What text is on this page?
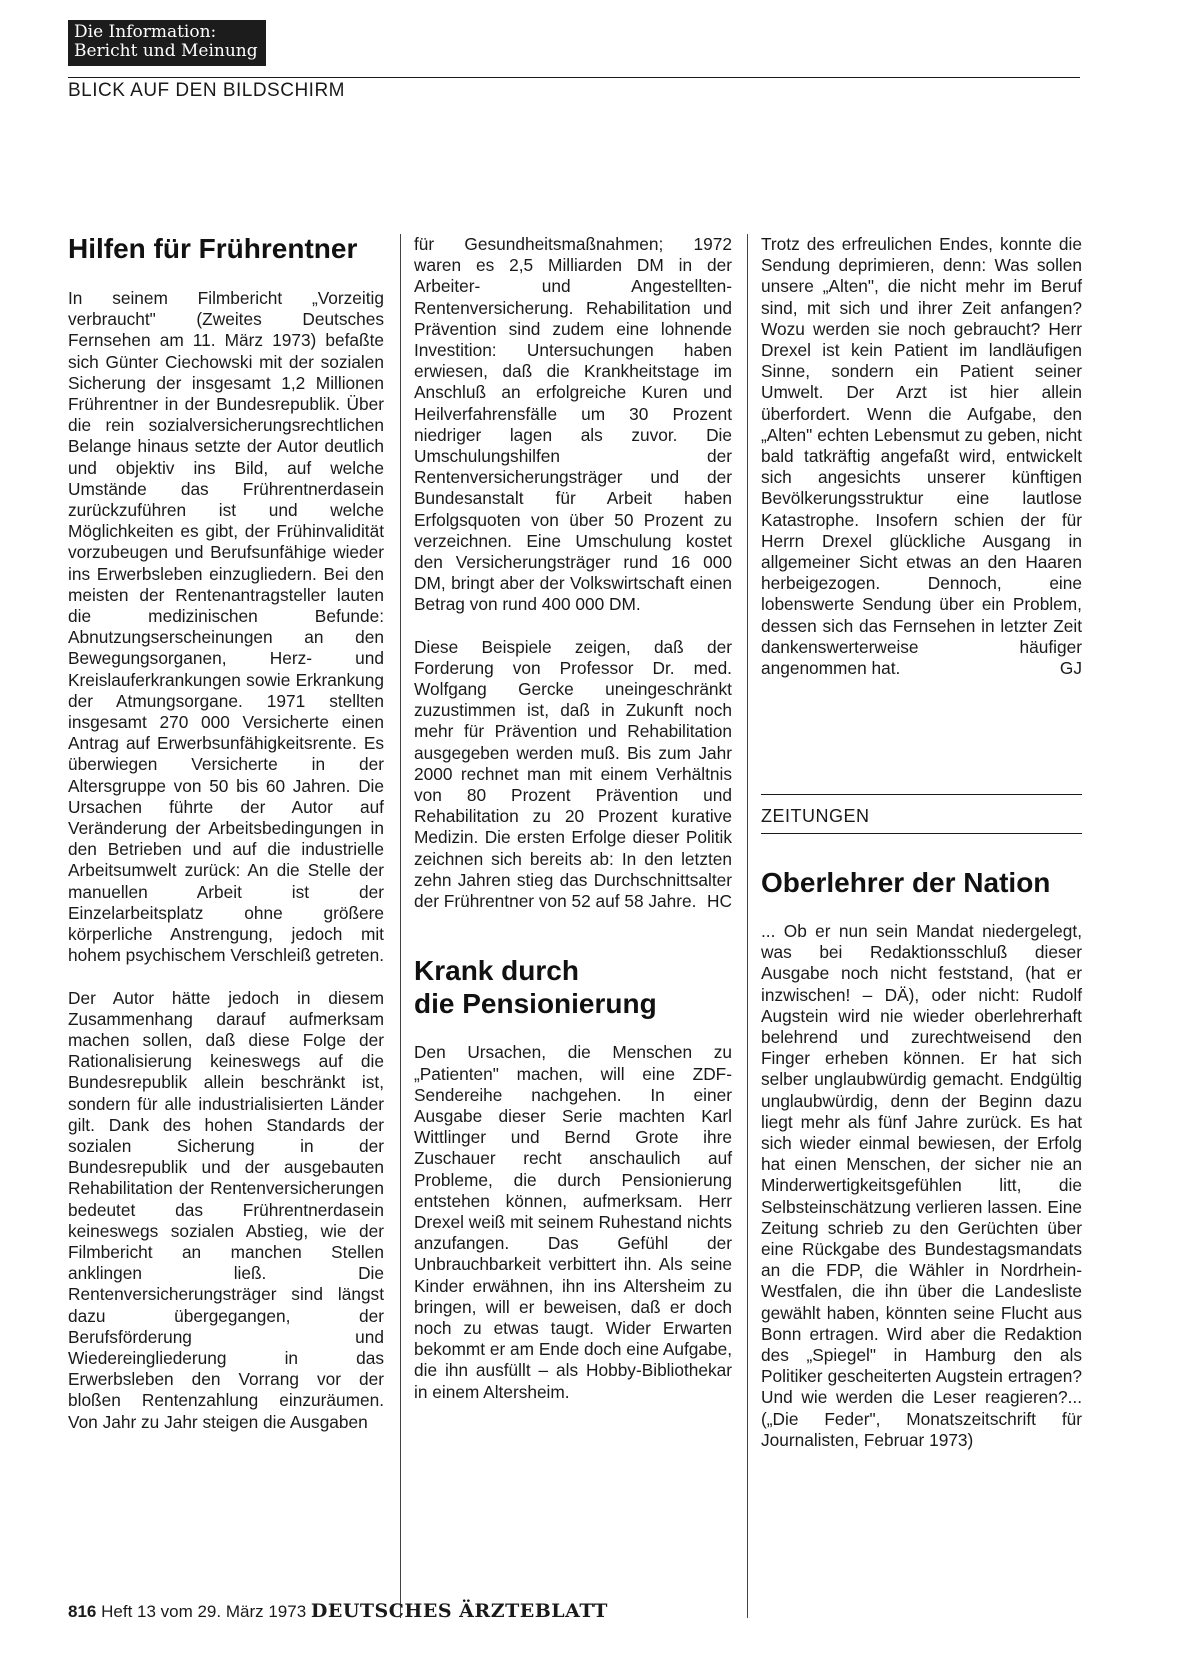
Die Information:
Bericht und Meinung
BLICK AUF DEN BILDSCHIRM
Hilfen für Frührentner

In seinem Filmbericht „Vorzeitig verbraucht" (Zweites Deutsches Fernsehen am 11. März 1973) befaßte sich Günter Ciechowski mit der sozialen Sicherung der insgesamt 1,2 Millionen Frührentner in der Bundesrepublik. Über die rein sozialversicherungsrechtlichen Belange hinaus setzte der Autor deutlich und objektiv ins Bild, auf welche Umstände das Frührentnerdasein zurückzuführen ist und welche Möglichkeiten es gibt, der Frühinvalidität vorzubeugen und Berufsunfähige wieder ins Erwerbsleben einzugliedern. Bei den meisten der Rentenantragsteller lauten die medizinischen Befunde: Abnutzungserscheinungen an den Bewegungsorganen, Herz- und Kreislauferkrankungen sowie Erkrankung der Atmungsorgane. 1971 stellten insgesamt 270 000 Versicherte einen Antrag auf Erwerbsunfähigkeitsrente. Es überwiegen Versicherte in der Altersgruppe von 50 bis 60 Jahren. Die Ursachen führte der Autor auf Veränderung der Arbeitsbedingungen in den Betrieben und auf die industrielle Arbeitsumwelt zurück: An die Stelle der manuellen Arbeit ist der Einzelarbeitsplatz ohne größere körperliche Anstrengung, jedoch mit hohem psychischem Verschleiß getreten.

Der Autor hätte jedoch in diesem Zusammenhang darauf aufmerksam machen sollen, daß diese Folge der Rationalisierung keineswegs auf die Bundesrepublik allein beschränkt ist, sondern für alle industrialisierten Länder gilt. Dank des hohen Standards der sozialen Sicherung in der Bundesrepublik und der ausgebauten Rehabilitation der Rentenversicherungen bedeutet das Frührentnerdasein keineswegs sozialen Abstieg, wie der Filmbericht an manchen Stellen anklingen ließ. Die Rentenversicherungsträger sind längst dazu übergegangen, der Berufsförderung und Wiedereingliederung in das Erwerbsleben den Vorrang vor der bloßen Rentenzahlung einzuräumen. Von Jahr zu Jahr steigen die Ausgaben

für Gesundheitsmaßnahmen; 1972 waren es 2,5 Milliarden DM in der Arbeiter- und Angestellten-Rentenversicherung. Rehabilitation und Prävention sind zudem eine lohnende Investition: Untersuchungen haben erwiesen, daß die Krankheitstage im Anschluß an erfolgreiche Kuren und Heilverfahrensfälle um 30 Prozent niedriger lagen als zuvor. Die Umschulungshilfen der Rentenversicherungsträger und der Bundesanstalt für Arbeit haben Erfolgsquoten von über 50 Prozent zu verzeichnen. Eine Umschulung kostet den Versicherungsträger rund 16 000 DM, bringt aber der Volkswirtschaft einen Betrag von rund 400 000 DM.

Diese Beispiele zeigen, daß der Forderung von Professor Dr. med. Wolfgang Gercke uneingeschränkt zuzustimmen ist, daß in Zukunft noch mehr für Prävention und Rehabilitation ausgegeben werden muß. Bis zum Jahr 2000 rechnet man mit einem Verhältnis von 80 Prozent Prävention und Rehabilitation zu 20 Prozent kurative Medizin. Die ersten Erfolge dieser Politik zeichnen sich bereits ab: In den letzten zehn Jahren stieg das Durchschnittsalter der Frührentner von 52 auf 58 Jahre. HC

Krank durch
die Pensionierung

Den Ursachen, die Menschen zu „Patienten" machen, will eine ZDF-Sendereihe nachgehen. In einer Ausgabe dieser Serie machten Karl Wittlinger und Bernd Grote ihre Zuschauer recht anschaulich auf Probleme, die durch Pensionierung entstehen können, aufmerksam. Herr Drexel weiß mit seinem Ruhestand nichts anzufangen. Das Gefühl der Unbrauchbarkeit verbittert ihn. Als seine Kinder erwähnen, ihn ins Altersheim zu bringen, will er beweisen, daß er doch noch zu etwas taugt. Wider Erwarten bekommt er am Ende doch eine Aufgabe, die ihn ausfüllt – als Hobby-Bibliothekar in einem Altersheim.

Trotz des erfreulichen Endes, konnte die Sendung deprimieren, denn: Was sollen unsere „Alten", die nicht mehr im Beruf sind, mit sich und ihrer Zeit anfangen? Wozu werden sie noch gebraucht? Herr Drexel ist kein Patient im landläufigen Sinne, sondern ein Patient seiner Umwelt. Der Arzt ist hier allein überfordert. Wenn die Aufgabe, den „Alten" echten Lebensmut zu geben, nicht bald tatkräftig angefaßt wird, entwickelt sich angesichts unserer künftigen Bevölkerungsstruktur eine lautlose Katastrophe. Insofern schien der für Herrn Drexel glückliche Ausgang in allgemeiner Sicht etwas an den Haaren herbeigezogen. Dennoch, eine lobenswerte Sendung über ein Problem, dessen sich das Fernsehen in letzter Zeit dankenswerterweise häufiger angenommen hat.	GJ

ZEITUNGEN
Oberlehrer der Nation

... Ob er nun sein Mandat niedergelegt, was bei Redaktionsschluß dieser Ausgabe noch nicht feststand, (hat er inzwischen! – DÄ), oder nicht: Rudolf Augstein wird nie wieder oberlehrerhaft belehrend und zurechtweisend den Finger erheben können. Er hat sich selber unglaubwürdig gemacht. Endgültig unglaubwürdig, denn der Beginn dazu liegt mehr als fünf Jahre zurück. Es hat sich wieder einmal bewiesen, der Erfolg hat einen Menschen, der sicher nie an Minderwertigkeitsgefühlen litt, die Selbsteinschätzung verlieren lassen. Eine Zeitung schrieb zu den Gerüchten über eine Rückgabe des Bundestagsmandats an die FDP, die Wähler in Nordrhein-Westfalen, die ihn über die Landesliste gewählt haben, könnten seine Flucht aus Bonn ertragen. Wird aber die Redaktion des „Spiegel" in Hamburg den als Politiker gescheiterten Augstein ertragen? Und wie werden die Leser reagieren?... („Die Feder", Monatszeitschrift für Journalisten, Februar 1973)

816 Heft 13 vom 29. März 1973 DEUTSCHES ÄRZTEBLATT
